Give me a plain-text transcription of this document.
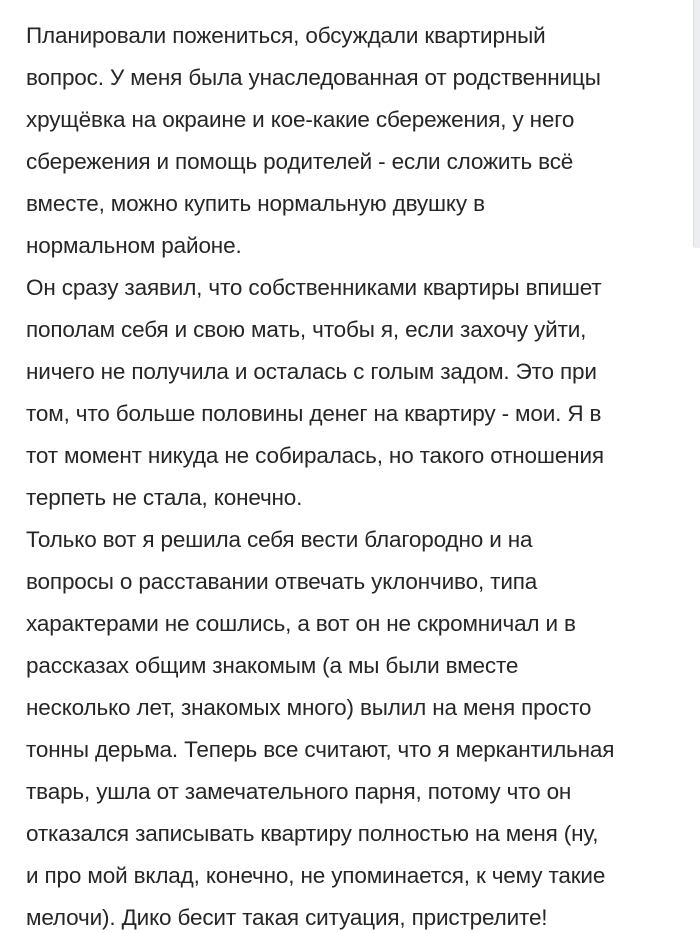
Планировали пожениться, обсуждали квартирный
вопрос. У меня была унаследованная от родственницы
хрущёвка на окраине и кое-какие сбережения, у него
сбережения и помощь родителей - если сложить всё
вместе, можно купить нормальную двушку в
нормальном районе.
Он сразу заявил, что собственниками квартиры впишет
пополам себя и свою мать, чтобы я, если захочу уйти,
ничего не получила и осталась с голым задом. Это при
том, что больше половины денег на квартиру - мои. Я в
тот момент никуда не собиралась, но такого отношения
терпеть не стала, конечно.
Только вот я решила себя вести благородно и на
вопросы о расставании отвечать уклончиво, типа
характерами не сошлись, а вот он не скромничал и в
рассказах общим знакомым (а мы были вместе
несколько лет, знакомых много) вылил на меня просто
тонны дерьма. Теперь все считают, что я меркантильная
тварь, ушла от замечательного парня, потому что он
отказался записывать квартиру полностью на меня (ну,
и про мой вклад, конечно, не упоминается, к чему такие
мелочи). Дико бесит такая ситуация, пристрелите!
